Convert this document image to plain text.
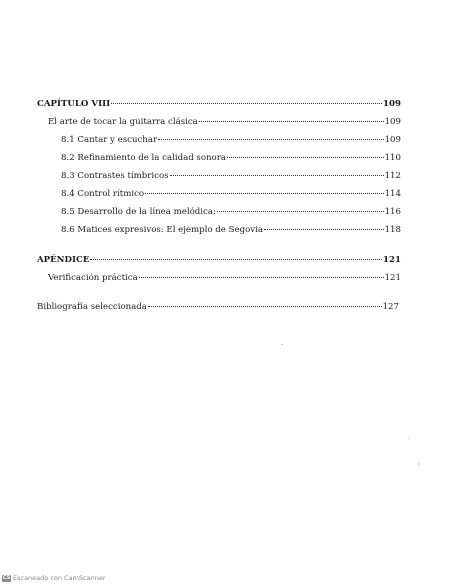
CAPÍTULO VIII	109
El arte de tocar la guitarra clásica	109
8.1 Cantar y escuchar	109
8.2 Refinamiento de la calidad sonora	110
8.3 Contrastes tímbricos	112
8.4 Control rítmico	114
8.5 Desarrollo de la línea melódica:	116
8.6 Matices expresivos: El ejemplo de Segovia	118
APÉNDICE	121
Verificación práctica	121
Bibliografía seleccionada	127
CS Escaneado con CamScanner
